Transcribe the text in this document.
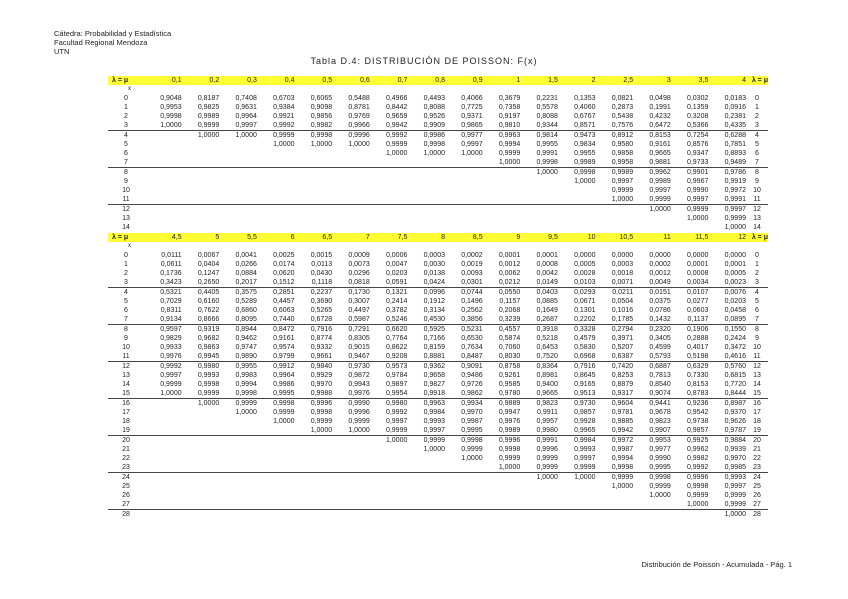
Cátedra: Probabilidad y Estadística
Facultad Regional Mendoza
UTN
Tabla D.4: DISTRIBUCIÓN DE POISSON: F(x)
λ = μ	0,1	0,2	0,3	0,4	0,5	0,6	0,7	0,8	0,9	1	1,5	2	2,5	3	3,5	4	λ = μ
x																	
0	0,9048	0,8187	0,7408	0,6703	0,6065	0,5488	0,4966	0,4493	0,4066	0,3679	0,2231	0,1353	0,0821	0,0498	0,0302	0,0183	0
1	0,9953	0,9825	0,9631	0,9384	0,9098	0,8781	0,8442	0,8088	0,7725	0,7358	0,5578	0,4060	0,2873	0,1991	0,1359	0,0916	1
2	0,9998	0,9989	0,9964	0,9921	0,9856	0,9769	0,9659	0,9526	0,9371	0,9197	0,8088	0,6767	0,5438	0,4232	0,3208	0,2381	2
3	1,0000	0,9999	0,9997	0,9992	0,9982	0,9966	0,9942	0,9909	0,9865	0,9810	0,9344	0,8571	0,7576	0,6472	0,5366	0,4335	3
4		1,0000	1,0000	0,9999	0,9998	0,9996	0,9992	0,9986	0,9977	0,9963	0,9814	0,9473	0,8912	0,8153	0,7254	0,6288	4
5				1,0000	1,0000	1,0000	0,9999	0,9998	0,9997	0,9994	0,9955	0,9834	0,9580	0,9161	0,8576	0,7851	5
6							1,0000	1,0000	1,0000	0,9999	0,9991	0,9955	0,9858	0,9665	0,9347	0,8893	6
7										1,0000	0,9998	0,9989	0,9958	0,9881	0,9733	0,9489	7
8											1,0000	0,9998	0,9989	0,9962	0,9901	0,9786	8
9												1,0000	0,9997	0,9989	0,9967	0,9919	9
10													0,9999	0,9997	0,9990	0,9972	10
11													1,0000	0,9999	0,9997	0,9991	11
12														1,0000	0,9999	0,9997	12
13															1,0000	0,9999	13
14																1,0000	14
λ = μ	4,5	5	5,5	6	6,5	7	7,5	8	8,5	9	9,5	10	10,5	11	11,5	12	λ = μ
x																	
0	0,0111	0,0067	0,0041	0,0025	0,0015	0,0009	0,0006	0,0003	0,0002	0,0001	0,0001	0,0000	0,0000	0,0000	0,0000	0,0000	0
1	0,0611	0,0404	0,0266	0,0174	0,0113	0,0073	0,0047	0,0030	0,0019	0,0012	0,0008	0,0005	0,0003	0,0002	0,0001	0,0001	1
2	0,1736	0,1247	0,0884	0,0620	0,0430	0,0296	0,0203	0,0138	0,0093	0,0062	0,0042	0,0028	0,0018	0,0012	0,0008	0,0005	2
3	0,3423	0,2650	0,2017	0,1512	0,1118	0,0818	0,0591	0,0424	0,0301	0,0212	0,0149	0,0103	0,0071	0,0049	0,0034	0,0023	3
4	0,5321	0,4405	0,3575	0,2851	0,2237	0,1730	0,1321	0,0996	0,0744	0,0550	0,0403	0,0293	0,0211	0,0151	0,0107	0,0076	4
5	0,7029	0,6160	0,5289	0,4457	0,3690	0,3007	0,2414	0,1912	0,1496	0,1157	0,0885	0,0671	0,0504	0,0375	0,0277	0,0203	5
6	0,8311	0,7622	0,6860	0,6063	0,5265	0,4497	0,3782	0,3134	0,2562	0,2068	0,1649	0,1301	0,1016	0,0786	0,0603	0,0458	6
7	0,9134	0,8666	0,8095	0,7440	0,6728	0,5987	0,5246	0,4530	0,3856	0,3239	0,2687	0,2202	0,1785	0,1432	0,1137	0,0895	7
8	0,9597	0,9319	0,8944	0,8472	0,7916	0,7291	0,6620	0,5925	0,5231	0,4557	0,3918	0,3328	0,2794	0,2320	0,1906	0,1550	8
9	0,9829	0,9682	0,9462	0,9161	0,8774	0,8305	0,7764	0,7166	0,6530	0,5874	0,5218	0,4579	0,3971	0,3405	0,2888	0,2424	9
10	0,9933	0,9863	0,9747	0,9574	0,9332	0,9015	0,8622	0,8159	0,7634	0,7060	0,6453	0,5830	0,5207	0,4599	0,4017	0,3472	10
11	0,9976	0,9945	0,9890	0,9799	0,9661	0,9467	0,9208	0,8881	0,8487	0,8030	0,7520	0,6968	0,6387	0,5793	0,5198	0,4616	11
12	0,9992	0,9980	0,9955	0,9912	0,9840	0,9730	0,9573	0,9362	0,9091	0,8758	0,8364	0,7916	0,7420	0,6887	0,6329	0,5760	12
13	0,9997	0,9993	0,9983	0,9964	0,9929	0,9872	0,9784	0,9658	0,9486	0,9261	0,8981	0,8645	0,8253	0,7813	0,7330	0,6815	13
14	0,9999	0,9998	0,9994	0,9986	0,9970	0,9943	0,9897	0,9827	0,9726	0,9585	0,9400	0,9165	0,8879	0,8540	0,8153	0,7720	14
15	1,0000	0,9999	0,9998	0,9995	0,9988	0,9976	0,9954	0,9918	0,9862	0,9780	0,9665	0,9513	0,9317	0,9074	0,8783	0,8444	15
16		1,0000	0,9999	0,9998	0,9996	0,9990	0,9980	0,9963	0,9934	0,9889	0,9823	0,9730	0,9604	0,9441	0,9236	0,8987	16
17			1,0000	0,9999	0,9998	0,9996	0,9992	0,9984	0,9970	0,9947	0,9911	0,9857	0,9781	0,9678	0,9542	0,9370	17
18				1,0000	0,9999	0,9999	0,9997	0,9993	0,9987	0,9976	0,9957	0,9928	0,9885	0,9823	0,9738	0,9626	18
19					1,0000	1,0000	0,9999	0,9997	0,9995	0,9989	0,9980	0,9965	0,9942	0,9907	0,9857	0,9787	19
20							1,0000	0,9999	0,9998	0,9996	0,9991	0,9984	0,9972	0,9953	0,9925	0,9884	20
21								1,0000	0,9999	0,9998	0,9996	0,9993	0,9987	0,9977	0,9962	0,9939	21
22									1,0000	0,9999	0,9999	0,9997	0,9994	0,9990	0,9982	0,9970	22
23										1,0000	0,9999	0,9999	0,9998	0,9995	0,9992	0,9985	23
24											1,0000	1,0000	0,9999	0,9998	0,9996	0,9993	24
25													1,0000	0,9999	0,9998	0,9997	25
26														1,0000	0,9999	0,9999	26
27															1,0000	0,9999	27
28																1,0000	28
Distribución de Poisson - Acumulada - Pág. 1
